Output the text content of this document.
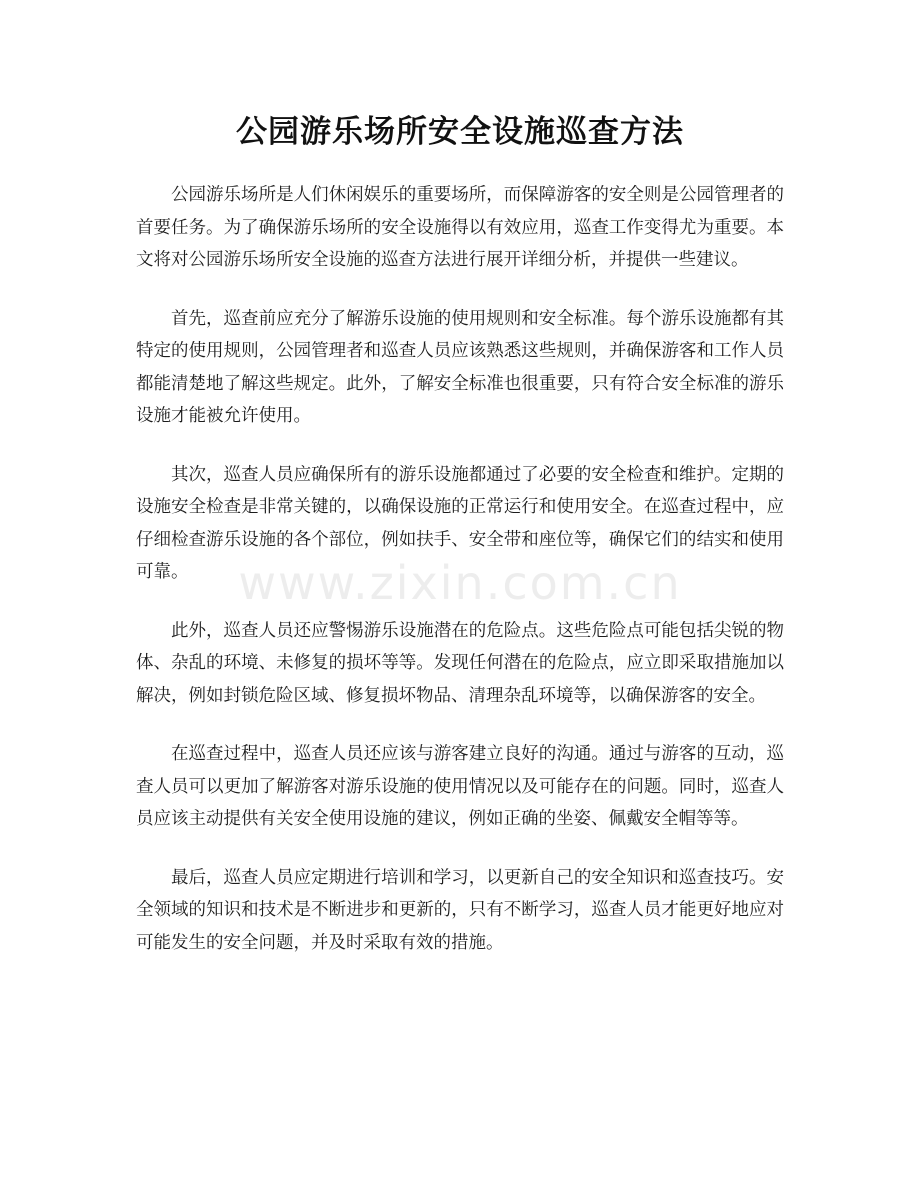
公园游乐场所安全设施巡查方法

公园游乐场所是人们休闲娱乐的重要场所，而保障游客的安全则是公园管理者的首要任务。为了确保游乐场所的安全设施得以有效应用，巡查工作变得尤为重要。本文将对公园游乐场所安全设施的巡查方法进行展开详细分析，并提供一些建议。

首先，巡查前应充分了解游乐设施的使用规则和安全标准。每个游乐设施都有其特定的使用规则，公园管理者和巡查人员应该熟悉这些规则，并确保游客和工作人员都能清楚地了解这些规定。此外，了解安全标准也很重要，只有符合安全标准的游乐设施才能被允许使用。

其次，巡查人员应确保所有的游乐设施都通过了必要的安全检查和维护。定期的设施安全检查是非常关键的，以确保设施的正常运行和使用安全。在巡查过程中，应仔细检查游乐设施的各个部位，例如扶手、安全带和座位等，确保它们的结实和使用可靠。

此外，巡查人员还应警惕游乐设施潜在的危险点。这些危险点可能包括尖锐的物体、杂乱的环境、未修复的损坏等等。发现任何潜在的危险点，应立即采取措施加以解决，例如封锁危险区域、修复损坏物品、清理杂乱环境等，以确保游客的安全。

在巡查过程中，巡查人员还应该与游客建立良好的沟通。通过与游客的互动，巡查人员可以更加了解游客对游乐设施的使用情况以及可能存在的问题。同时，巡查人员应该主动提供有关安全使用设施的建议，例如正确的坐姿、佩戴安全帽等等。

最后，巡查人员应定期进行培训和学习，以更新自己的安全知识和巡查技巧。安全领域的知识和技术是不断进步和更新的，只有不断学习，巡查人员才能更好地应对可能发生的安全问题，并及时采取有效的措施。

www.zixin.com.cn
